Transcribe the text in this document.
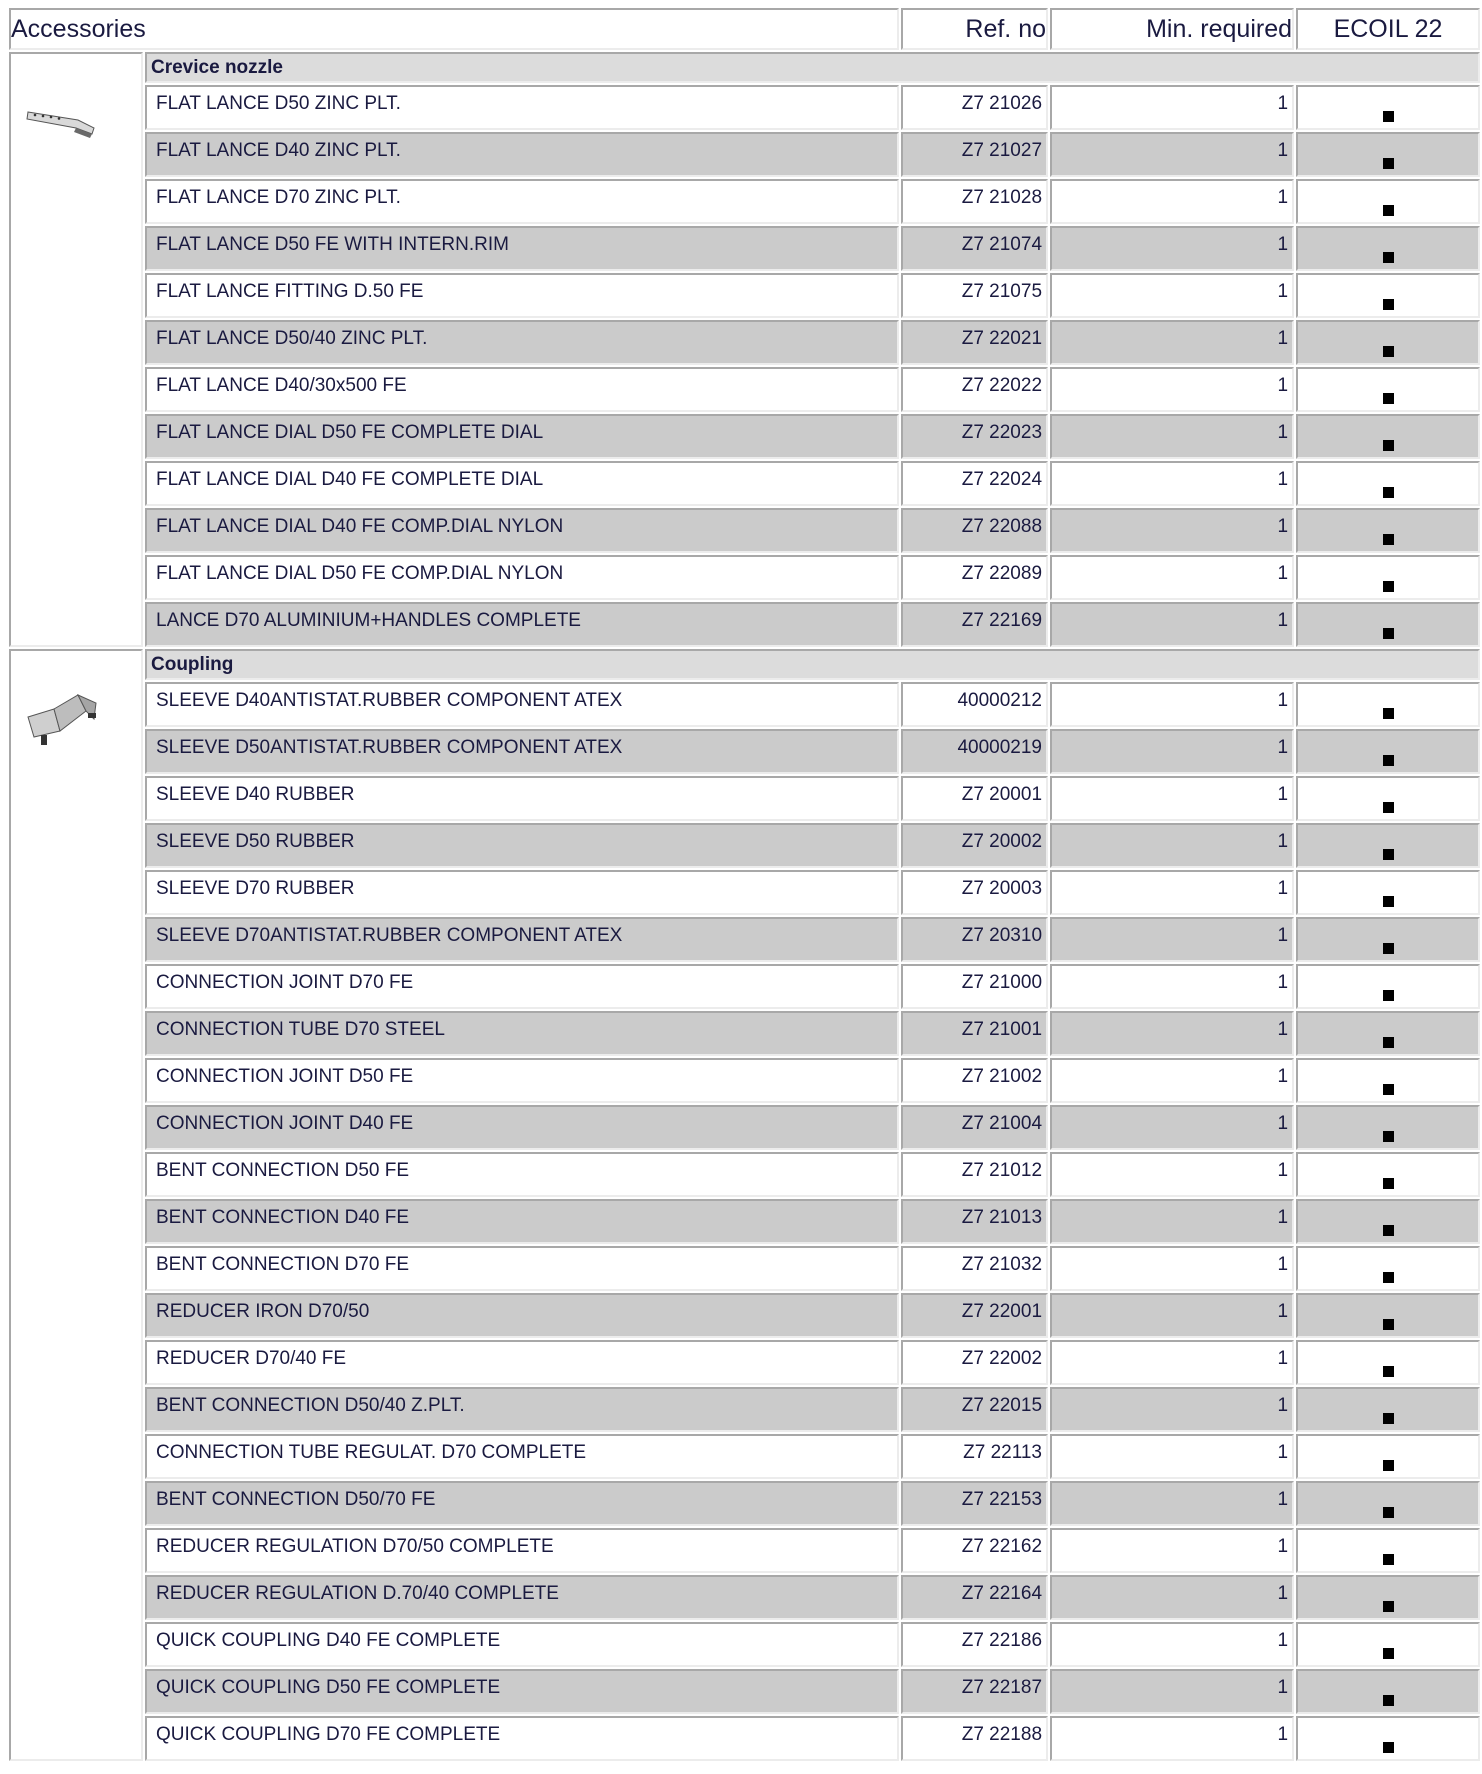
Accessories		Ref. no	Min. required	ECOIL 22

	Crevice nozzle			
	FLAT LANCE D50 ZINC PLT.	Z7 21026	1	
	FLAT LANCE D40 ZINC PLT.	Z7 21027	1	
	FLAT LANCE D70 ZINC PLT.	Z7 21028	1	
	FLAT LANCE D50 FE WITH INTERN.RIM	Z7 21074	1	
	FLAT LANCE FITTING D.50 FE	Z7 21075	1	
	FLAT LANCE D50/40 ZINC PLT.	Z7 22021	1	
	FLAT LANCE D40/30x500 FE	Z7 22022	1	
	FLAT LANCE DIAL D50 FE COMPLETE DIAL	Z7 22023	1	
	FLAT LANCE DIAL D40 FE COMPLETE DIAL	Z7 22024	1	
	FLAT LANCE DIAL D40 FE COMP.DIAL NYLON	Z7 22088	1	
	FLAT LANCE DIAL D50 FE COMP.DIAL NYLON	Z7 22089	1	
	LANCE D70 ALUMINIUM+HANDLES COMPLETE	Z7 22169	1	

	Coupling			
	SLEEVE D40ANTISTAT.RUBBER COMPONENT ATEX	40000212	1	
	SLEEVE D50ANTISTAT.RUBBER COMPONENT ATEX	40000219	1	
	SLEEVE D40 RUBBER	Z7 20001	1	
	SLEEVE D50 RUBBER	Z7 20002	1	
	SLEEVE D70 RUBBER	Z7 20003	1	
	SLEEVE D70ANTISTAT.RUBBER COMPONENT ATEX	Z7 20310	1	
	CONNECTION JOINT D70 FE	Z7 21000	1	
	CONNECTION TUBE D70 STEEL	Z7 21001	1	
	CONNECTION JOINT D50 FE	Z7 21002	1	
	CONNECTION JOINT D40 FE	Z7 21004	1	
	BENT CONNECTION D50 FE	Z7 21012	1	
	BENT CONNECTION D40 FE	Z7 21013	1	
	BENT CONNECTION D70 FE	Z7 21032	1	
	REDUCER IRON D70/50	Z7 22001	1	
	REDUCER D70/40 FE	Z7 22002	1	
	BENT CONNECTION D50/40 Z.PLT.	Z7 22015	1	
	CONNECTION TUBE REGULAT. D70 COMPLETE	Z7 22113	1	
	BENT CONNECTION D50/70 FE	Z7 22153	1	
	REDUCER REGULATION D70/50 COMPLETE	Z7 22162	1	
	REDUCER REGULATION D.70/40 COMPLETE	Z7 22164	1	
	QUICK COUPLING D40 FE COMPLETE	Z7 22186	1	
	QUICK COUPLING D50 FE COMPLETE	Z7 22187	1	
	QUICK COUPLING D70 FE COMPLETE	Z7 22188	1	
